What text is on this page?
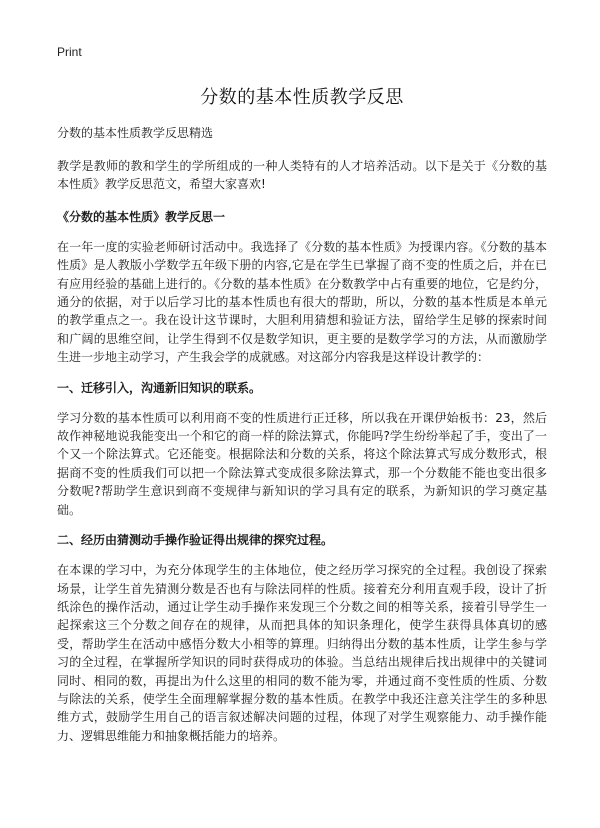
Print
分数的基本性质教学反思
分数的基本性质教学反思精选

教学是教师的教和学生的学所组成的一种人类特有的人才培养活动。以下是关于《分数的基本性质》教学反思范文，希望大家喜欢!

《分数的基本性质》教学反思一

在一年一度的实验老师研讨活动中。我选择了《分数的基本性质》为授课内容。《分数的基本性质》是人教版小学数学五年级下册的内容,它是在学生已掌握了商不变的性质之后，并在已有应用经验的基础上进行的。《分数的基本性质》在分数教学中占有重要的地位，它是约分，通分的依据，对于以后学习比的基本性质也有很大的帮助，所以，分数的基本性质是本单元的教学重点之一。我在设计这节课时，大胆利用猜想和验证方法，留给学生足够的探索时间和广阔的思维空间，让学生得到不仅是数学知识，更主要的是数学学习的方法，从而激励学生进一步地主动学习，产生我会学的成就感。对这部分内容我是这样设计教学的：

一、迁移引入，沟通新旧知识的联系。

学习分数的基本性质可以利用商不变的性质进行正迁移，所以我在开课伊始板书：23，然后故作神秘地说我能变出一个和它的商一样的除法算式，你能吗?学生纷纷举起了手，变出了一个又一个除法算式。它还能变。根据除法和分数的关系，将这个除法算式写成分数形式，根据商不变的性质我们可以把一个除法算式变成很多除法算式，那一个分数能不能也变出很多分数呢?帮助学生意识到商不变规律与新知识的学习具有定的联系，为新知识的学习奠定基础。

二、经历由猜测动手操作验证得出规律的探究过程。

在本课的学习中，为充分体现学生的主体地位，使之经历学习探究的全过程。我创设了探索场景，让学生首先猜测分数是否也有与除法同样的性质。接着充分利用直观手段，设计了折纸涂色的操作活动，通过让学生动手操作来发现三个分数之间的相等关系，接着引导学生一起探索这三个分数之间存在的规律，从而把具体的知识条理化，使学生获得具体真切的感受，帮助学生在活动中感悟分数大小相等的算理。归纳得出分数的基本性质，让学生参与学习的全过程，在掌握所学知识的同时获得成功的体验。当总结出规律后找出规律中的关键词同时、相同的数，再提出为什么这里的相同的数不能为零，并通过商不变性质的性质、分数与除法的关系，使学生全面理解掌握分数的基本性质。在教学中我还注意关注学生的多种思维方式，鼓励学生用自己的语言叙述解决问题的过程，体现了对学生观察能力、动手操作能力、逻辑思维能力和抽象概括能力的培养。
